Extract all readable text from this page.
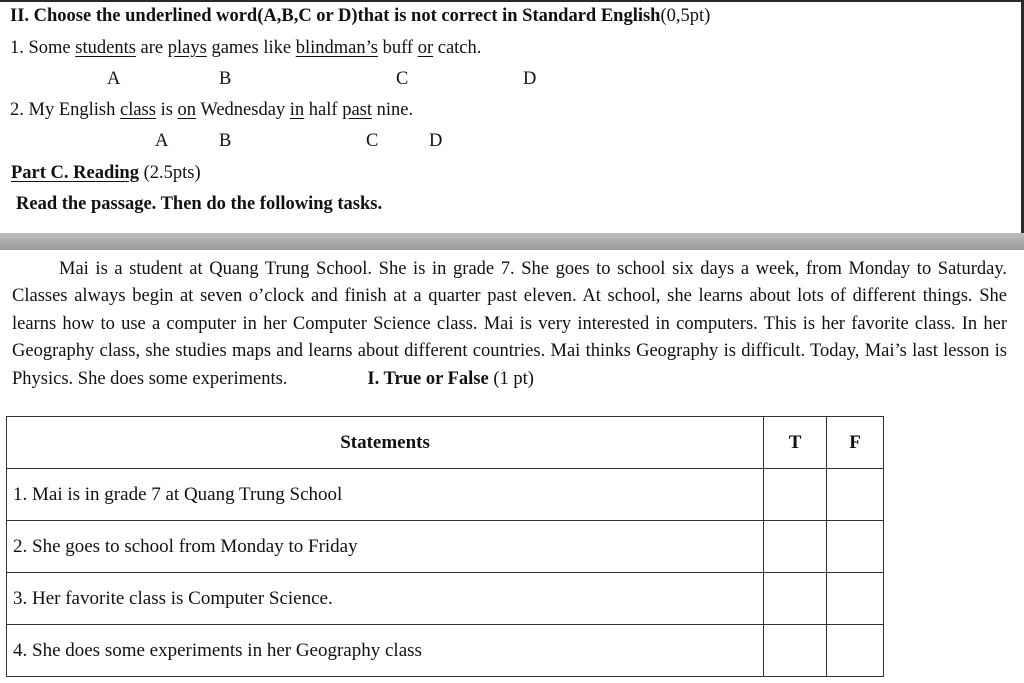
II. Choose the underlined word(A,B,C or D)that is not correct in Standard English(0,5pt)
1. Some students are plays games like blindman’s buff or catch.
A	B	C	D
2. My English class is on Wednesday in half past nine.
A	B	C	D
Part C. Reading (2.5pts)
Read the passage. Then do the following tasks.
Mai is a student at Quang Trung School. She is in grade 7. She goes to school six days a week, from Monday to Saturday. Classes always begin at seven o’clock and finish at a quarter past eleven. At school, she learns about lots of different things. She learns how to use a computer in her Computer Science class. Mai is very interested in computers. This is her favorite class. In her Geography class, she studies maps and learns about different countries. Mai thinks Geography is difficult. Today, Mai’s last lesson is Physics. She does some experiments.	I. True or False (1 pt)
Statements	T	F
1. Mai is in grade 7 at Quang Trung School		
2. She goes to school from Monday to Friday		
3. Her favorite class is Computer Science.		
4. She does some experiments in her Geography class		
